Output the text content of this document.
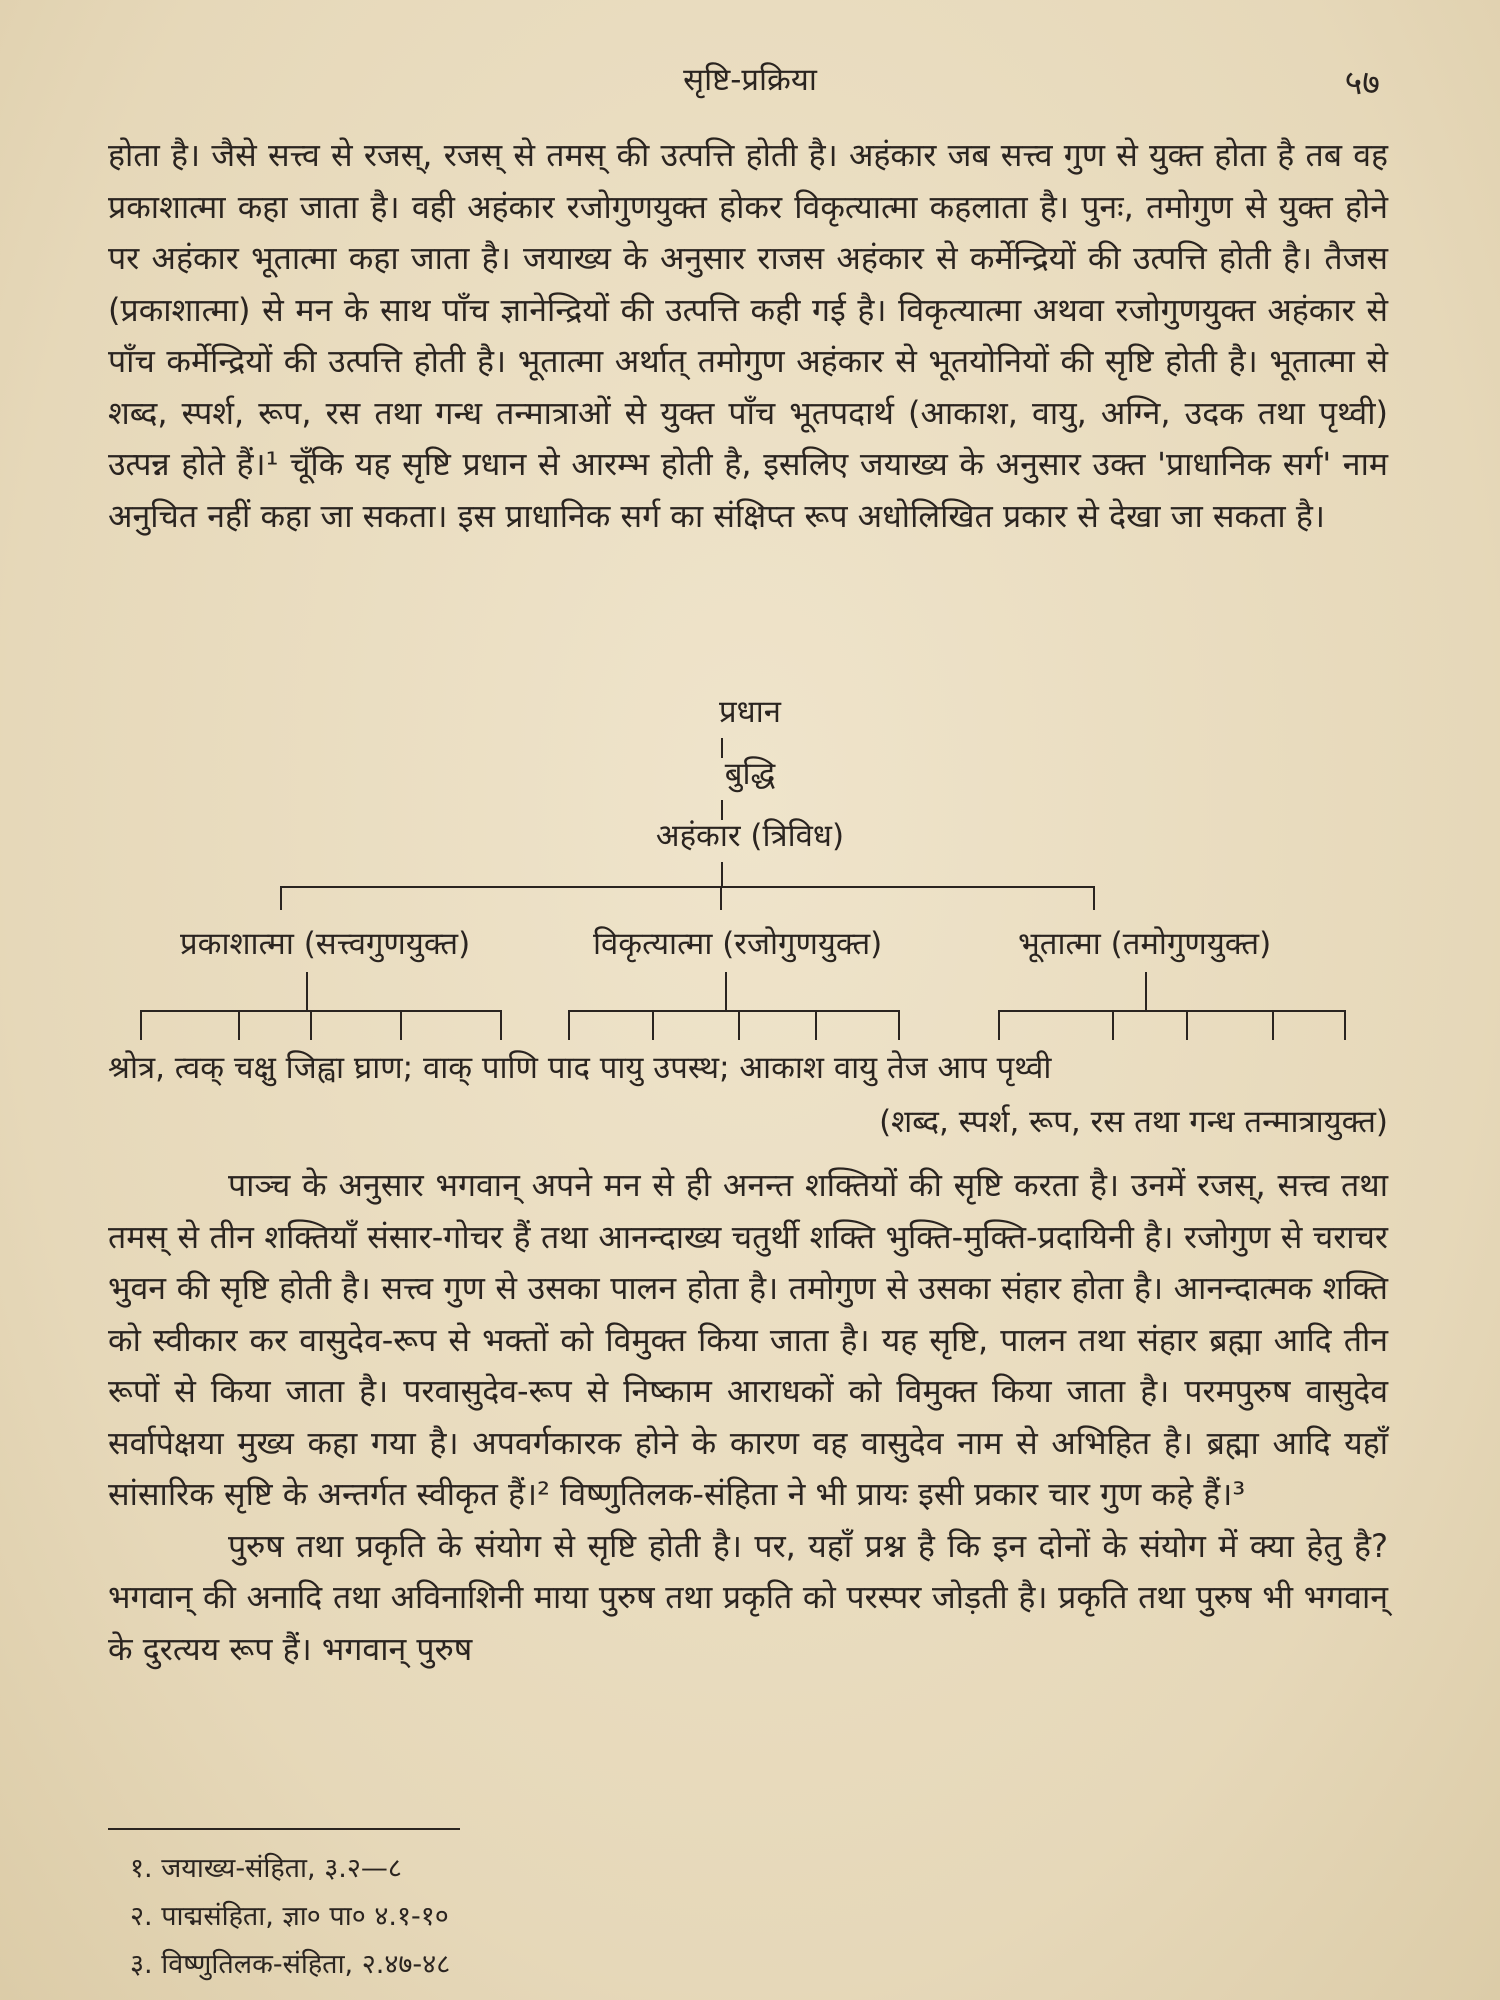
सृष्टि-प्रक्रिया	५७

होता है। जैसे सत्त्व से रजस्, रजस् से तमस् की उत्पत्ति होती है। अहंकार जब सत्त्व गुण से युक्त होता है तब वह प्रकाशात्मा कहा जाता है। वही अहंकार रजोगुणयुक्त होकर विकृत्यात्मा कहलाता है। पुनः, तमोगुण से युक्त होने पर अहंकार भूतात्मा कहा जाता है। जयाख्य के अनुसार राजस अहंकार से कर्मेन्द्रियों की उत्पत्ति होती है। तैजस (प्रकाशात्मा) से मन के साथ पाँच ज्ञानेन्द्रियों की उत्पत्ति कही गई है। विकृत्यात्मा अथवा रजोगुणयुक्त अहंकार से पाँच कर्मेन्द्रियों की उत्पत्ति होती है। भूतात्मा अर्थात् तमोगुण अहंकार से भूतयोनियों की सृष्टि होती है। भूतात्मा से शब्द, स्पर्श, रूप, रस तथा गन्ध तन्मात्राओं से युक्त पाँच भूतपदार्थ (आकाश, वायु, अग्नि, उदक तथा पृथ्वी) उत्पन्न होते हैं।¹ चूँकि यह सृष्टि प्रधान से आरम्भ होती है, इसलिए जयाख्य के अनुसार उक्त 'प्राधानिक सर्ग' नाम अनुचित नहीं कहा जा सकता। इस प्राधानिक सर्ग का संक्षिप्त रूप अधोलिखित प्रकार से देखा जा सकता है।

प्रधान
बुद्धि
अहंकार (त्रिविध)
प्रकाशात्मा (सत्त्वगुणयुक्त)	विकृत्यात्मा (रजोगुणयुक्त)	भूतात्मा (तमोगुणयुक्त)
श्रोत्र, त्वक् चक्षु जिह्वा घ्राण; वाक् पाणि पाद पायु उपस्थ; आकाश वायु तेज आप पृथ्वी
(शब्द, स्पर्श, रूप, रस तथा गन्ध तन्मात्रायुक्त)

पाञ्च के अनुसार भगवान् अपने मन से ही अनन्त शक्तियों की सृष्टि करता है। उनमें रजस्, सत्त्व तथा तमस् से तीन शक्तियाँ संसार-गोचर हैं तथा आनन्दाख्य चतुर्थी शक्ति भुक्ति-मुक्ति-प्रदायिनी है। रजोगुण से चराचर भुवन की सृष्टि होती है। सत्त्व गुण से उसका पालन होता है। तमोगुण से उसका संहार होता है। आनन्दात्मक शक्ति को स्वीकार कर वासुदेव-रूप से भक्तों को विमुक्त किया जाता है। यह सृष्टि, पालन तथा संहार ब्रह्मा आदि तीन रूपों से किया जाता है। परवासुदेव-रूप से निष्काम आराधकों को विमुक्त किया जाता है। परमपुरुष वासुदेव सर्वापेक्षया मुख्य कहा गया है। अपवर्गकारक होने के कारण वह वासुदेव नाम से अभिहित है। ब्रह्मा आदि यहाँ सांसारिक सृष्टि के अन्तर्गत स्वीकृत हैं।² विष्णुतिलक-संहिता ने भी प्रायः इसी प्रकार चार गुण कहे हैं।³

पुरुष तथा प्रकृति के संयोग से सृष्टि होती है। पर, यहाँ प्रश्न है कि इन दोनों के संयोग में क्या हेतु है? भगवान् की अनादि तथा अविनाशिनी माया पुरुष तथा प्रकृति को परस्पर जोड़ती है। प्रकृति तथा पुरुष भी भगवान् के दुरत्यय रूप हैं। भगवान् पुरुष

१. जयाख्य-संहिता, ३.२—८
२. पाद्मसंहिता, ज्ञा० पा० ४.१-१०
३. विष्णुतिलक-संहिता, २.४७-४८
